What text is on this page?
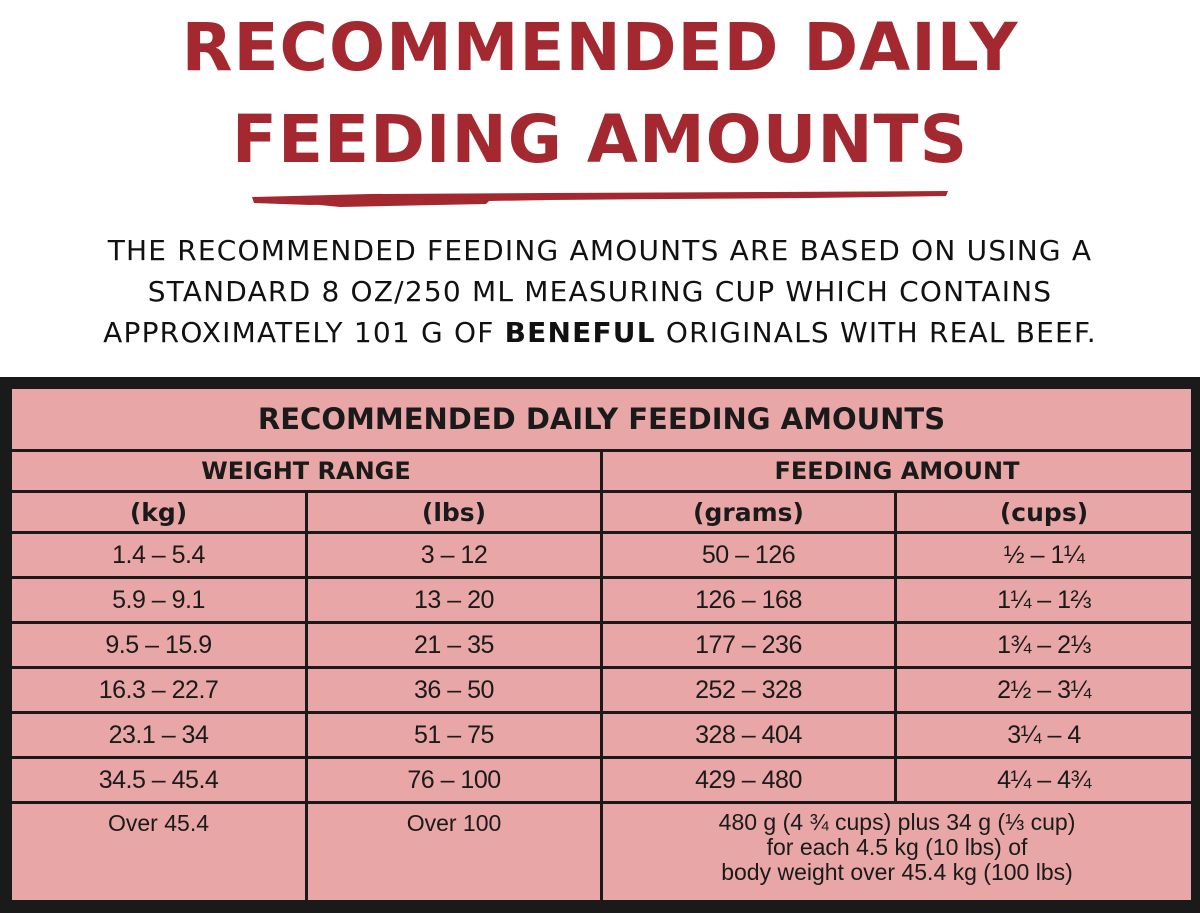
RECOMMENDED DAILY
FEEDING AMOUNTS
THE RECOMMENDED FEEDING AMOUNTS ARE BASED ON USING A
STANDARD 8 OZ/250 ML MEASURING CUP WHICH CONTAINS
APPROXIMATELY 101 G OF BENEFUL ORIGINALS WITH REAL BEEF.
RECOMMENDED DAILY FEEDING AMOUNTS			
WEIGHT RANGE		FEEDING AMOUNT	
(kg)	(lbs)	(grams)	(cups)
1.4 – 5.4	3 – 12	50 – 126	½ – 1¼
5.9 – 9.1	13 – 20	126 – 168	1¼ – 1⅔
9.5 – 15.9	21 – 35	177 – 236	1¾ – 2⅓
16.3 – 22.7	36 – 50	252 – 328	2½ – 3¼
23.1 – 34	51 – 75	328 – 404	3¼ – 4
34.5 – 45.4	76 – 100	429 – 480	4¼ – 4¾
Over 45.4	Over 100	480 g (4 ¾ cups) plus 34 g (⅓ cup)
for each 4.5 kg (10 lbs) of
body weight over 45.4 kg (100 lbs)	
